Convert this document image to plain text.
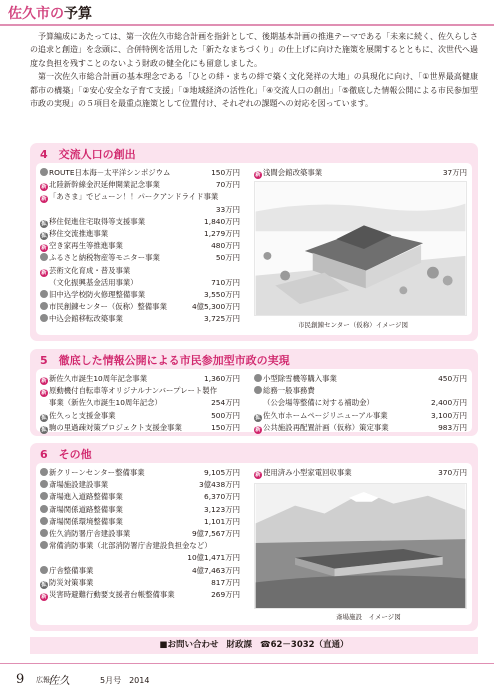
佐久市の予算

予算編成にあたっては、第一次佐久市総合計画を指針として、後期基本計画の推進テーマである「未来に続く、佐久らしさの追求と創造」を念頭に、合併特例を活用した「新たなまちづくり」の仕上げに向けた施策を展開するとともに、次世代へ過度な負担を残すことのないよう財政の健全化にも留意しました。

第一次佐久市総合計画の基本理念である「ひとの絆・まちの絆で築く文化発祥の大地」の具現化に向け、「①世界最高健康都市の構築」「②安心安全な子育て支援」「③地域経済の活性化」「④交流人口の創出」「⑤徹底した情報公開による市民参加型市政の実現」の５項目を最重点施策として位置付け、それぞれの課題への対応を図っています。

4　交流人口の創出
ROUTE日本海－太平洋シンポジウム	150万円
新 北陸新幹線金沢延伸開業記念事業	70万円
新 「あさま」でビューン！！パークアンドライド事業
33万円
拡 移住促進住宅取得等支援事業	1,840万円
拡 移住交流推進事業	1,279万円
新 空き家再生等推進事業	480万円
ふるさと納税物産等モニター事業	50万円
新 芸術文化育成・普及事業
（文化振興基金活用事業）	710万円
旧中込学校防火修理整備事業	3,550万円
市民創錬センター（仮称）整備事業	4億5,300万円
中込会館移転改築事業	3,725万円
新 浅間会館改築事業	37万円
市民創錬センター（仮称）イメージ図
5　徹底した情報公開による市民参加型市政の実現
新 新佐久市誕生10周年記念事業	1,360万円
新 原動機付自転車等オリジナルナンバープレート製作
事業（新佐久市誕生10周年記念）	254万円
拡 佐久っと支援金事業	500万円
拡 駒の里過疎対策プロジェクト支援金事業	150万円
小型除雪機等購入事業	450万円
総務一般事務費
（公会場等整備に対する補助金）	2,400万円
拡 佐久市ホームページリニューアル事業	3,100万円
新 公共施設再配置計画（仮称）策定事業	983万円
6　その他
新クリーンセンター整備事業	9,105万円
斎場施設建設事業	3億438万円
斎場進入道路整備事業	6,370万円
斎場関係道路整備事業	3,123万円
斎場関係環境整備事業	1,101万円
佐久消防署庁舎建設事業	9億7,567万円
常備消防事業（北部消防署庁舎建設負担金など）
10億1,471万円
庁舎整備事業	4億7,463万円
拡 防災対策事業	817万円
新 災害時避難行動要支援者台帳整備事業	269万円
新 使用済み小型家電回収事業	370万円
斎場施設　イメージ図
■お問い合わせ 財政課 ☎62－3032（直通）
9 広報
佐久	5月号　2014
